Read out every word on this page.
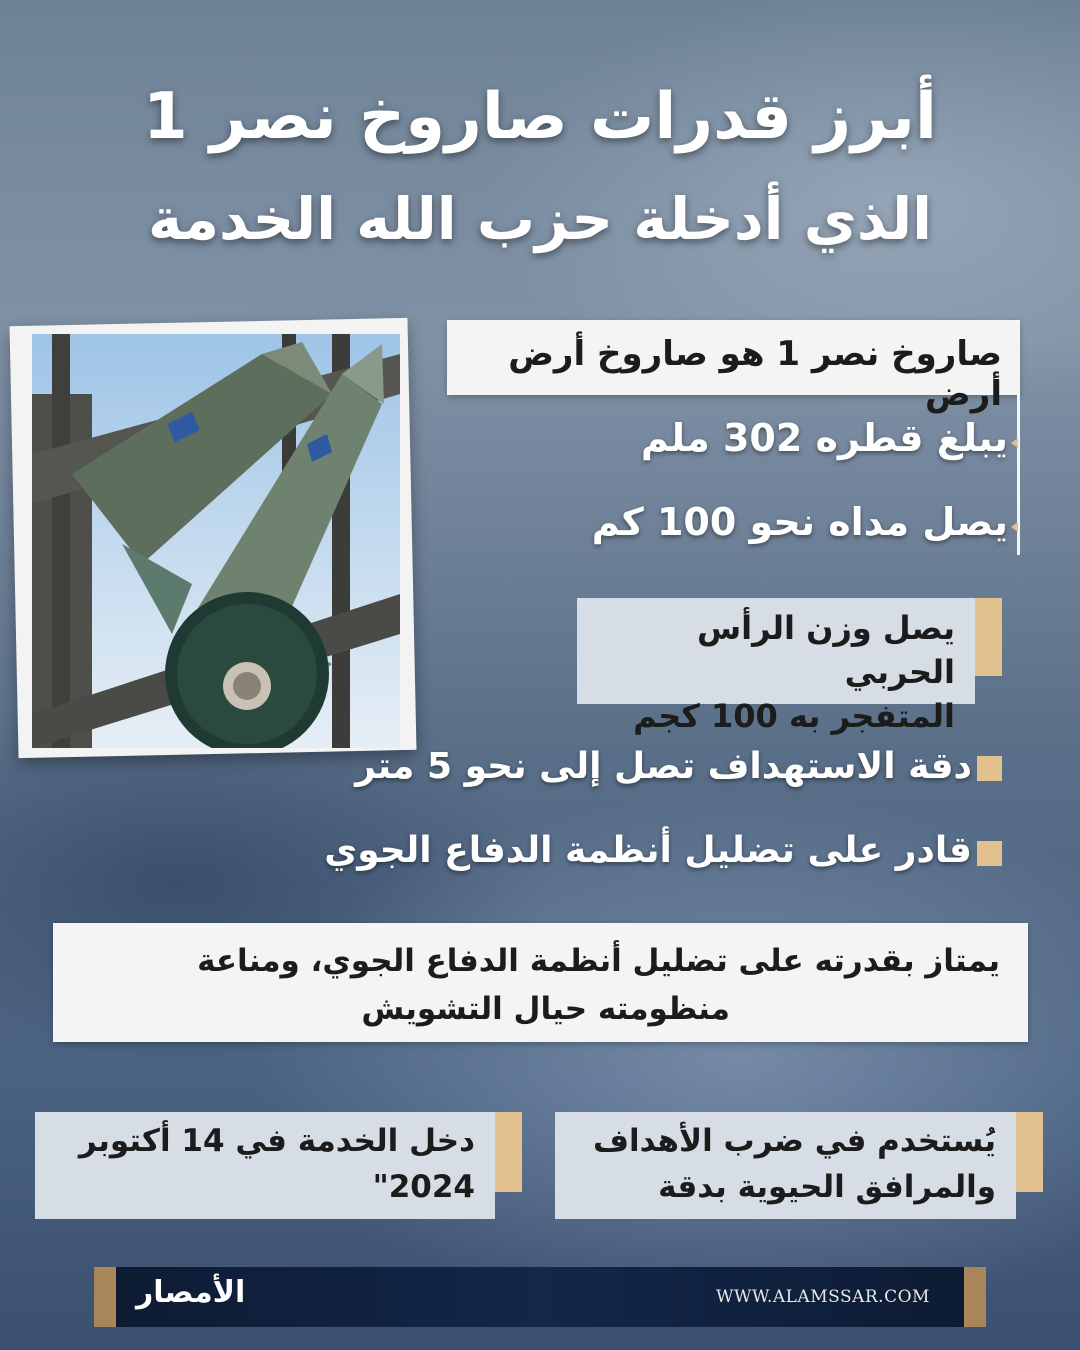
أبرز قدرات صاروخ نصر 1
الذي أدخلة حزب الله الخدمة
صاروخ نصر 1 هو صاروخ أرض أرض
يبلغ قطره 302 ملم
يصل مداه نحو 100 كم
يصل وزن الرأس الحربي
المتفجر به 100 كجم
دقة الاستهداف تصل إلى نحو 5 متر
قادر على تضليل أنظمة الدفاع الجوي
يمتاز بقدرته على تضليل أنظمة الدفاع الجوي، ومناعة
منظومته حيال التشويش
يُستخدم في ضرب الأهداف
والمرافق الحيوية بدقة
دخل الخدمة في 14 أكتوبر
2024"
الأمصار	WWW.ALAMSSAR.COM
